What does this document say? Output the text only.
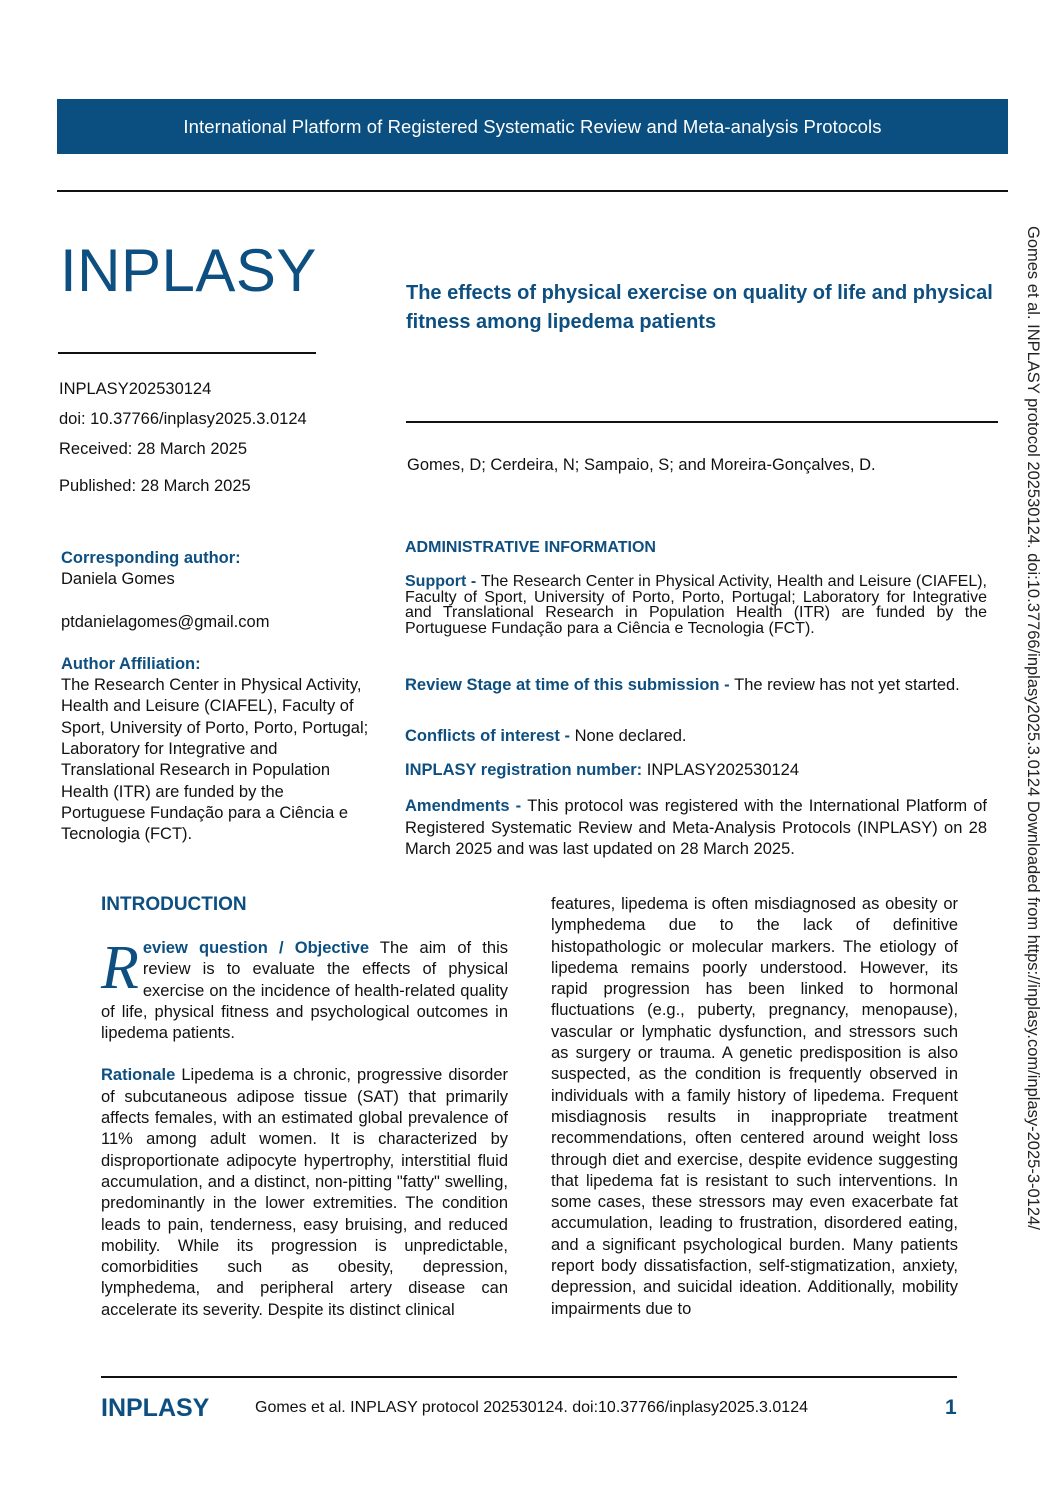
International Platform of Registered Systematic Review and Meta-analysis Protocols
INPLASY
INPLASY202530124
doi: 10.37766/inplasy2025.3.0124
Received: 28 March 2025
Published: 28 March 2025
The effects of physical exercise on quality of life and physical fitness among lipedema patients
Gomes, D; Cerdeira, N; Sampaio, S; and Moreira-Gonçalves, D.
Corresponding author:
Daniela Gomes
ptdanielagomes@gmail.com
Author Affiliation:
The Research Center in Physical Activity, Health and Leisure (CIAFEL), Faculty of Sport, University of Porto, Porto, Portugal; Laboratory for Integrative and Translational Research in Population Health (ITR) are funded by the Portuguese Fundação para a Ciência e Tecnologia (FCT).
ADMINISTRATIVE INFORMATION
Support - The Research Center in Physical Activity, Health and Leisure (CIAFEL), Faculty of Sport, University of Porto, Porto, Portugal; Laboratory for Integrative and Translational Research in Population Health (ITR) are funded by the Portuguese Fundação para a Ciência e Tecnologia (FCT).
Review Stage at time of this submission - The review has not yet started.
Conflicts of interest - None declared.
INPLASY registration number: INPLASY202530124
Amendments - This protocol was registered with the International Platform of Registered Systematic Review and Meta-Analysis Protocols (INPLASY) on 28 March 2025 and was last updated on 28 March 2025.
INTRODUCTION
R eview question / Objective The aim of this review is to evaluate the effects of physical exercise on the incidence of health-related quality of life, physical fitness and psychological outcomes in lipedema patients.
Rationale Lipedema is a chronic, progressive disorder of subcutaneous adipose tissue (SAT) that primarily affects females, with an estimated global prevalence of 11% among adult women. It is characterized by disproportionate adipocyte hypertrophy, interstitial fluid accumulation, and a distinct, non-pitting "fatty" swelling, predominantly in the lower extremities. The condition leads to pain, tenderness, easy bruising, and reduced mobility. While its progression is unpredictable, comorbidities such as obesity, depression, lymphedema, and peripheral artery disease can accelerate its severity. Despite its distinct clinical
features, lipedema is often misdiagnosed as obesity or lymphedema due to the lack of definitive histopathologic or molecular markers. The etiology of lipedema remains poorly understood. However, its rapid progression has been linked to hormonal fluctuations (e.g., puberty, pregnancy, menopause), vascular or lymphatic dysfunction, and stressors such as surgery or trauma. A genetic predisposition is also suspected, as the condition is frequently observed in individuals with a family history of lipedema. Frequent misdiagnosis results in inappropriate treatment recommendations, often centered around weight loss through diet and exercise, despite evidence suggesting that lipedema fat is resistant to such interventions. In some cases, these stressors may even exacerbate fat accumulation, leading to frustration, disordered eating, and a significant psychological burden. Many patients report body dissatisfaction, self-stigmatization, anxiety, depression, and suicidal ideation. Additionally, mobility impairments due to
INPLASY	Gomes et al. INPLASY protocol 202530124. doi:10.37766/inplasy2025.3.0124	1
Gomes et al. INPLASY protocol 202530124. doi:10.37766/inplasy2025.3.0124 Downloaded from https://inplasy.com/inplasy-2025-3-0124/
